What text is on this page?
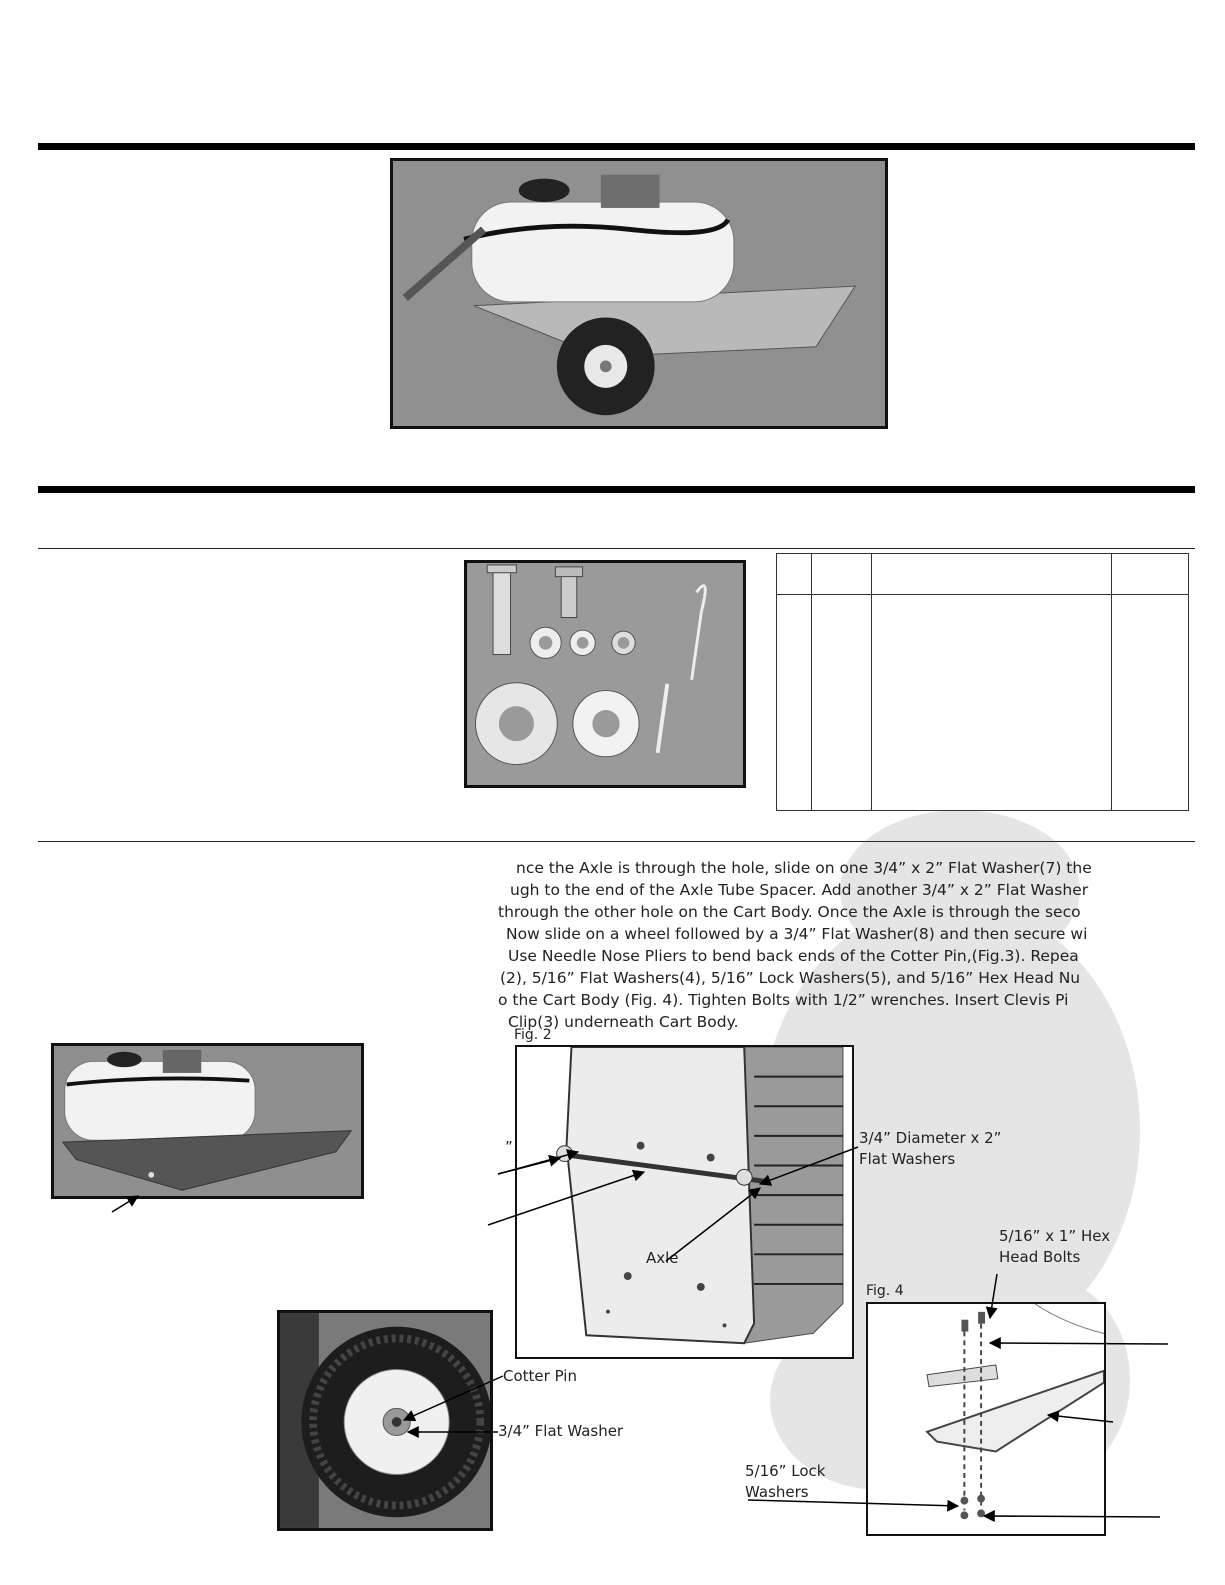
nce the Axle is through the hole, slide on one 3/4” x 2” Flat Washer(7) the
ugh to the end of the Axle Tube Spacer. Add another 3/4” x 2” Flat Washer
through the other hole on the Cart Body. Once the Axle is through the seco
Now slide on a wheel followed by a 3/4” Flat Washer(8) and then secure wi
Use Needle Nose Pliers to bend back ends of the Cotter Pin,(Fig.3). Repea
(2), 5/16” Flat Washers(4), 5/16” Lock Washers(5), and 5/16” Hex Head Nu
o the Cart Body (Fig. 4). Tighten Bolts with 1/2” wrenches. Insert Clevis Pi
Clip(3) underneath Cart Body.
Fig. 2
3/4” Diameter x 2”
Flat Washers
Axle
”
Cotter Pin
3/4” Flat Washer
Fig. 4
5/16” x 1” Hex
Head Bolts
5/16” Lock
Washers
